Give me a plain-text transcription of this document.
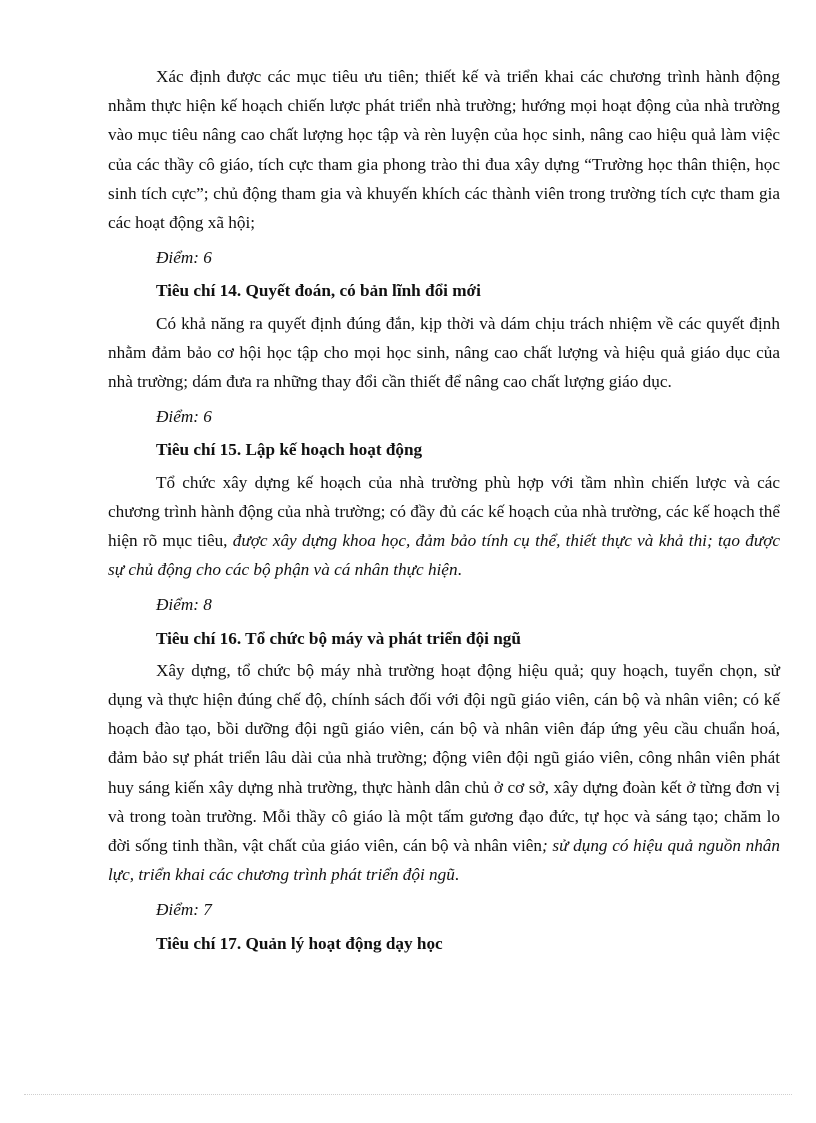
Xác định được các mục tiêu ưu tiên; thiết kế và triển khai các chương trình hành động nhằm thực hiện kế hoạch chiến lược phát triển nhà trường; hướng mọi hoạt động của nhà trường vào mục tiêu nâng cao chất lượng học tập và rèn luyện của học sinh, nâng cao hiệu quả làm việc của các thầy cô giáo, tích cực tham gia phong trào thi đua xây dựng “Trường học thân thiện, học sinh tích cực”; chủ động tham gia và khuyến khích các thành viên trong trường tích cực tham gia các hoạt động xã hội;

Điểm: 6

Tiêu chí 14. Quyết đoán, có bản lĩnh đổi mới

Có khả năng ra quyết định đúng đắn, kịp thời và dám chịu trách nhiệm về các quyết định nhằm đảm bảo cơ hội học tập cho mọi học sinh, nâng cao chất lượng và hiệu quả giáo dục của nhà trường; dám đưa ra những thay đổi cần thiết để nâng cao chất lượng giáo dục.

Điểm: 6

Tiêu chí 15. Lập kế hoạch hoạt động

Tổ chức xây dựng kế hoạch của nhà trường phù hợp với tầm nhìn chiến lược và các chương trình hành động của nhà trường; có đầy đủ các kế hoạch của nhà trường, các kế hoạch thể hiện rõ mục tiêu, được xây dựng khoa học, đảm bảo tính cụ thể, thiết thực và khả thi; tạo được sự chủ động cho các bộ phận và cá nhân thực hiện.

Điểm: 8

Tiêu chí 16. Tổ chức bộ máy và phát triển đội ngũ

Xây dựng, tổ chức bộ máy nhà trường hoạt động hiệu quả; quy hoạch, tuyển chọn, sử dụng và thực hiện đúng chế độ, chính sách đối với đội ngũ giáo viên, cán bộ và nhân viên; có kế hoạch đào tạo, bồi dưỡng đội ngũ giáo viên, cán bộ và nhân viên đáp ứng yêu cầu chuẩn hoá, đảm bảo sự phát triển lâu dài của nhà trường; động viên đội ngũ giáo viên, công nhân viên phát huy sáng kiến xây dựng nhà trường, thực hành dân chủ ở cơ sở, xây dựng đoàn kết ở từng đơn vị và trong toàn trường. Mỗi thầy cô giáo là một tấm gương đạo đức, tự học và sáng tạo; chăm lo đời sống tinh thần, vật chất của giáo viên, cán bộ và nhân viên; sử dụng có hiệu quả nguồn nhân lực, triển khai các chương trình phát triển đội ngũ.

Điểm: 7

Tiêu chí 17. Quản lý hoạt động dạy học
